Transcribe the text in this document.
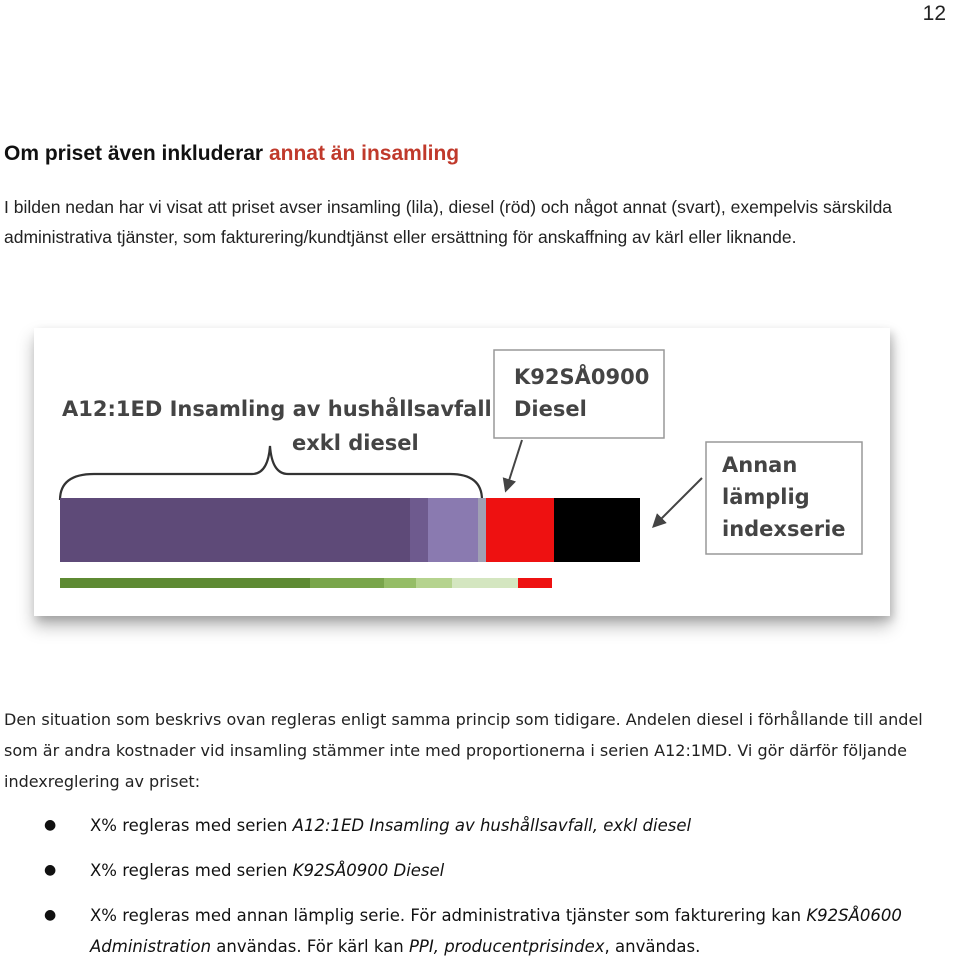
12
Om priset även inkluderar annat än insamling

I bilden nedan har vi visat att priset avser insamling (lila), diesel (röd) och något annat (svart), exempelvis särskilda administrativa tjänster, som fakturering/kundtjänst eller ersättning för anskaffning av kärl eller liknande.

A12:1ED Insamling av hushållsavfall
exkl diesel
K92SÅ0900
Diesel
Annan
lämplig
indexserie

Den situation som beskrivs ovan regleras enligt samma princip som tidigare. Andelen diesel i förhållande till andel som är andra kostnader vid insamling stämmer inte med proportionerna i serien A12:1MD. Vi gör därför följande indexreglering av priset:

● X% regleras med serien A12:1ED Insamling av hushållsavfall, exkl diesel
● X% regleras med serien K92SÅ0900 Diesel
● X% regleras med annan lämplig serie. För administrativa tjänster som fakturering kan K92SÅ0600 Administration användas. För kärl kan PPI, producentprisindex, användas.
